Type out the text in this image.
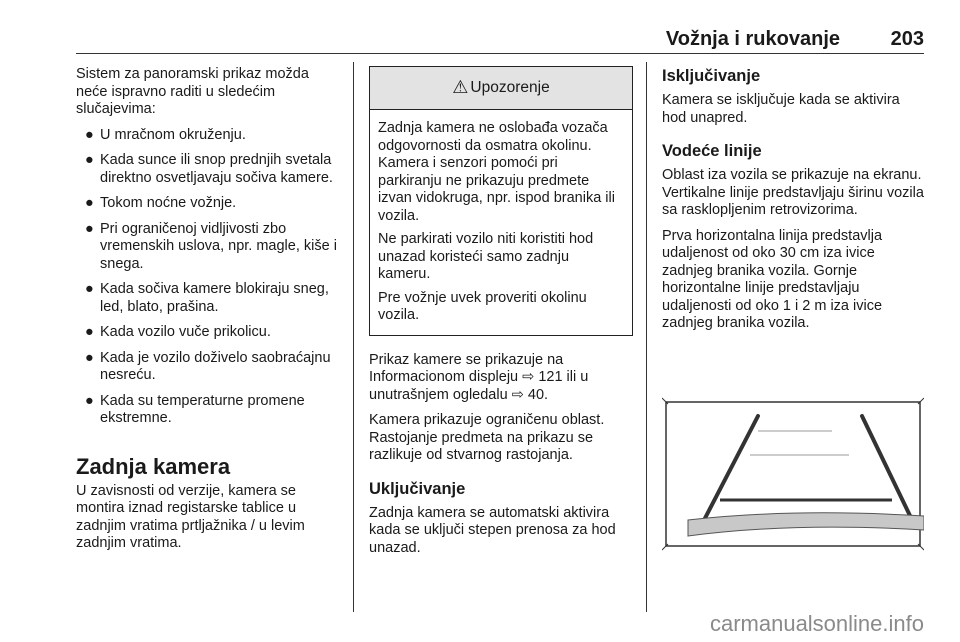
Vožnja i rukovanje	203

Sistem za panoramski prikaz možda neće ispravno raditi u sledećim slučajevima:

● U mračnom okruženju.
● Kada sunce ili snop prednjih svetala direktno osvetljavaju sočiva kamere.
● Tokom noćne vožnje.
● Pri ograničenoj vidljivosti zbo vremenskih uslova, npr. magle, kiše i snega.
● Kada sočiva kamere blokiraju sneg, led, blato, prašina.
● Kada vozilo vuče prikolicu.
● Kada je vozilo doživelo saobraćajnu nesreću.
● Kada su temperaturne promene ekstremne.
Zadnja kamera

U zavisnosti od verzije, kamera se montira iznad registarske tablice u zadnjim vratima prtljažnika / u levim zadnjim vratima.

⚠ Upozorenje

Zadnja kamera ne oslobađa vozača odgovornosti da osmatra okolinu. Kamera i senzori pomoći pri parkiranju ne prikazuju predmete izvan vidokruga, npr. ispod branika ili vozila.

Ne parkirati vozilo niti koristiti hod unazad koristeći samo zadnju kameru.

Pre vožnje uvek proveriti okolinu vozila.

Prikaz kamere se prikazuje na Informacionom displeju ⇨ 121 ili u unutrašnjem ogledalu ⇨ 40.

Kamera prikazuje ograničenu oblast. Rastojanje predmeta na prikazu se razlikuje od stvarnog rastojanja.

Uključivanje

Zadnja kamera se automatski aktivira kada se uključi stepen prenosa za hod unazad.

Isključivanje

Kamera se isključuje kada se aktivira hod unapred.

Vodeće linije

Oblast iza vozila se prikazuje na ekranu. Vertikalne linije predstavljaju širinu vozila sa rasklopljenim retrovizorima.

Prva horizontalna linija predstavlja udaljenost od oko 30 cm iza ivice zadnjeg branika vozila. Gornje horizontalne linije predstavljaju udaljenosti od oko 1 i 2 m iza ivice zadnjeg branika vozila.

carmanualsonline.info
